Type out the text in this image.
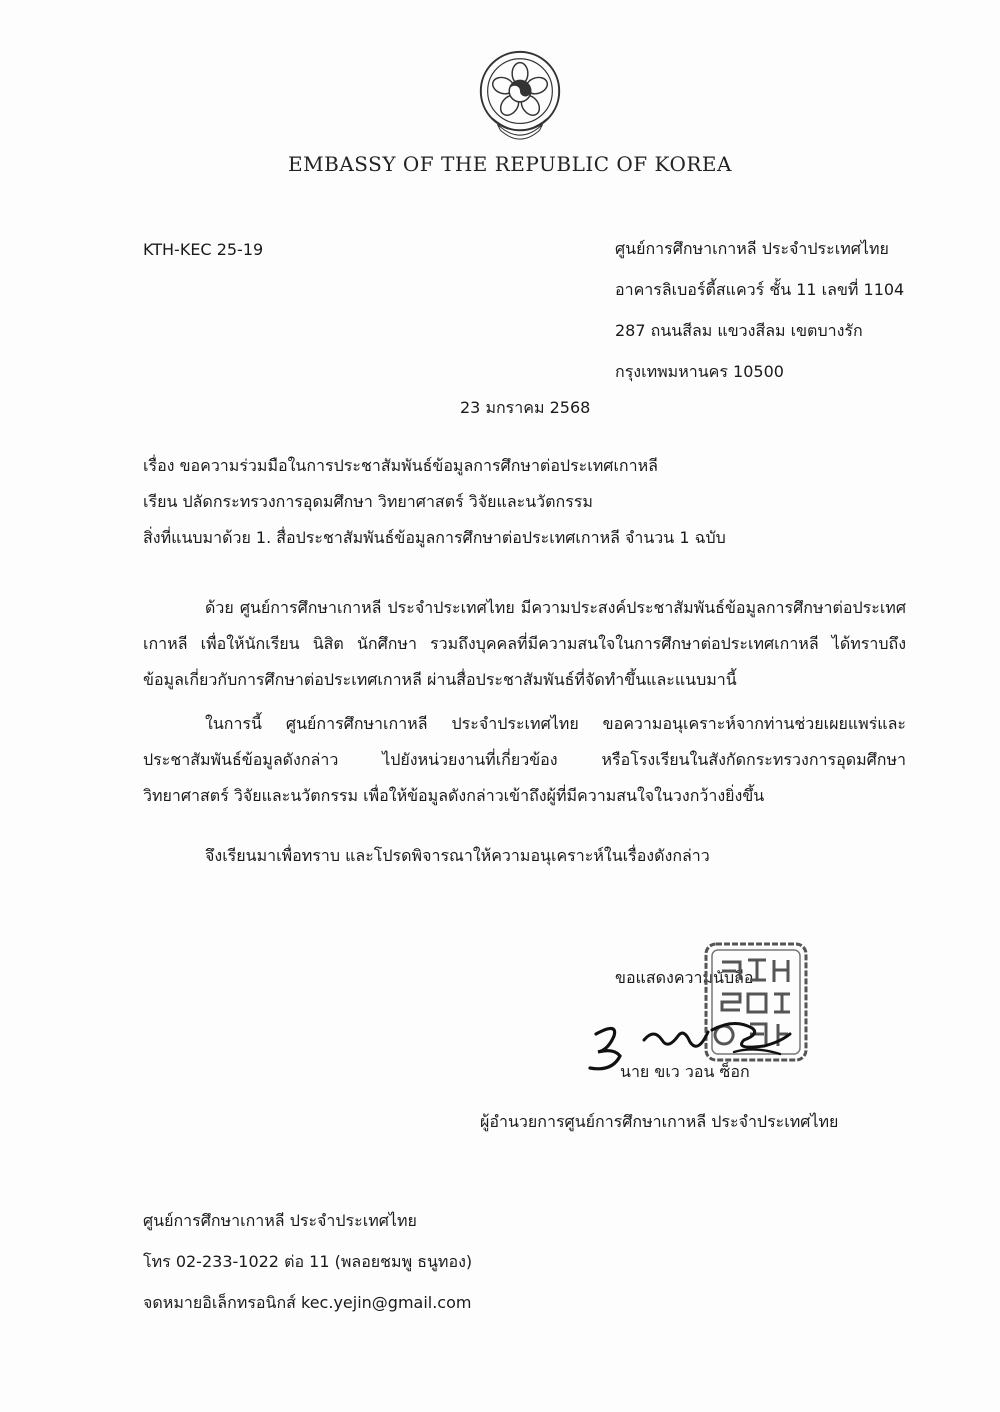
EMBASSY OF THE REPUBLIC OF KOREA
KTH-KEC 25-19	ศูนย์การศึกษาเกาหลี ประจำประเทศไทย
อาคารลิเบอร์ตี้สแควร์ ชั้น 11 เลขที่ 1104
287 ถนนสีลม แขวงสีลม เขตบางรัก
กรุงเทพมหานคร 10500
23 มกราคม 2568
เรื่อง ขอความร่วมมือในการประชาสัมพันธ์ข้อมูลการศึกษาต่อประเทศเกาหลี
เรียน ปลัดกระทรวงการอุดมศึกษา วิทยาศาสตร์ วิจัยและนวัตกรรม
สิ่งที่แนบมาด้วย 1. สื่อประชาสัมพันธ์ข้อมูลการศึกษาต่อประเทศเกาหลี จำนวน 1 ฉบับ

ด้วย ศูนย์การศึกษาเกาหลี ประจำประเทศไทย มีความประสงค์ประชาสัมพันธ์ข้อมูลการศึกษาต่อประเทศเกาหลี เพื่อให้นักเรียน นิสิต นักศึกษา รวมถึงบุคคลที่มีความสนใจในการศึกษาต่อประเทศเกาหลี ได้ทราบถึงข้อมูลเกี่ยวกับการศึกษาต่อประเทศเกาหลี ผ่านสื่อประชาสัมพันธ์ที่จัดทำขึ้นและแนบมานี้

ในการนี้ ศูนย์การศึกษาเกาหลี ประจำประเทศไทย ขอความอนุเคราะห์จากท่านช่วยเผยแพร่และประชาสัมพันธ์ข้อมูลดังกล่าว ไปยังหน่วยงานที่เกี่ยวข้อง หรือโรงเรียนในสังกัดกระทรวงการอุดมศึกษา วิทยาศาสตร์ วิจัยและนวัตกรรม เพื่อให้ข้อมูลดังกล่าวเข้าถึงผู้ที่มีความสนใจในวงกว้างยิ่งขึ้น

จึงเรียนมาเพื่อทราบ และโปรดพิจารณาให้ความอนุเคราะห์ในเรื่องดังกล่าว

ขอแสดงความนับถือ
นาย ขเว วอน ซ็อก
ผู้อำนวยการศูนย์การศึกษาเกาหลี ประจำประเทศไทย
ศูนย์การศึกษาเกาหลี ประจำประเทศไทย
โทร 02-233-1022 ต่อ 11 (พลอยชมพู ธนูทอง)
จดหมายอิเล็กทรอนิกส์ kec.yejin@gmail.com
